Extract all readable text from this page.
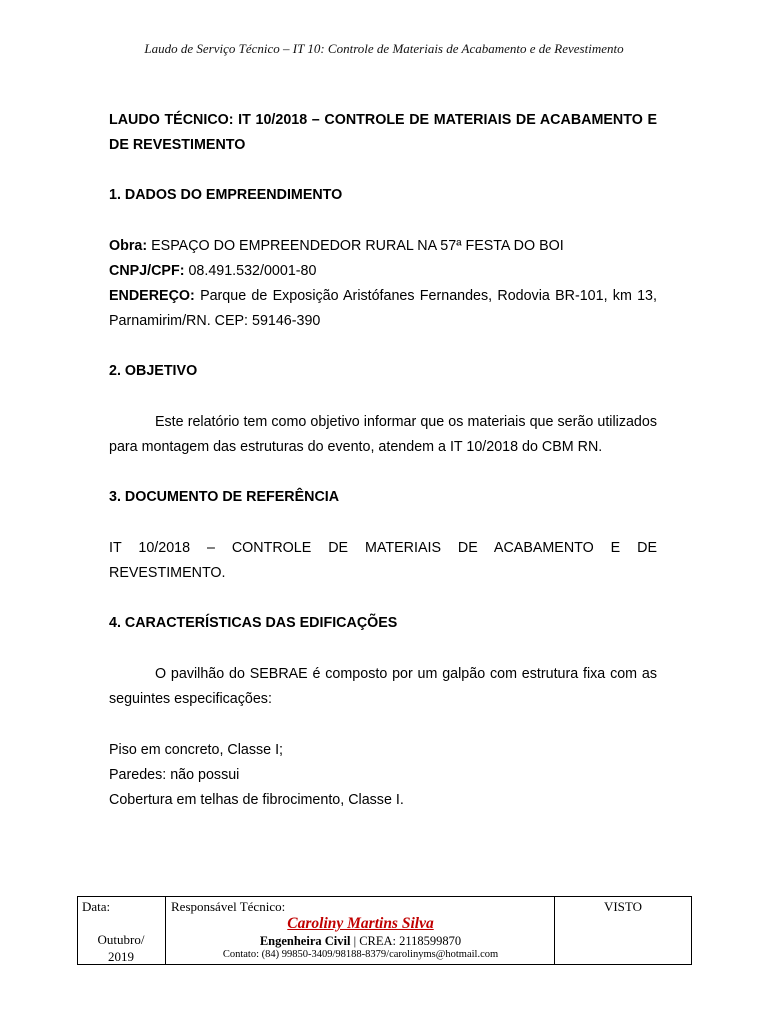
Laudo de Serviço Técnico – IT 10: Controle de Materiais de Acabamento e de Revestimento

LAUDO TÉCNICO: IT 10/2018 – CONTROLE DE MATERIAIS DE ACABAMENTO E DE REVESTIMENTO

1. DADOS DO EMPREENDIMENTO

Obra: ESPAÇO DO EMPREENDEDOR RURAL NA 57ª FESTA DO BOI

CNPJ/CPF: 08.491.532/0001-80

ENDEREÇO: Parque de Exposição Aristófanes Fernandes, Rodovia BR-101, km 13, Parnamirim/RN. CEP: 59146-390

2. OBJETIVO

Este relatório tem como objetivo informar que os materiais que serão utilizados para montagem das estruturas do evento, atendem a IT 10/2018 do CBM RN.

3. DOCUMENTO DE REFERÊNCIA

IT 10/2018 – CONTROLE DE MATERIAIS DE ACABAMENTO E DE REVESTIMENTO.

4. CARACTERÍSTICAS DAS EDIFICAÇÕES

O pavilhão do SEBRAE é composto por um galpão com estrutura fixa com as seguintes especificações:

Piso em concreto, Classe I;

Paredes: não possui

Cobertura em telhas de fibrocimento, Classe I.

Data:
Outubro/
2019
Responsável Técnico:
Caroliny Martins Silva
Engenheira Civil | CREA: 2118599870
Contato: (84) 99850-3409/98188-8379/carolinyms@hotmail.com
VISTO
